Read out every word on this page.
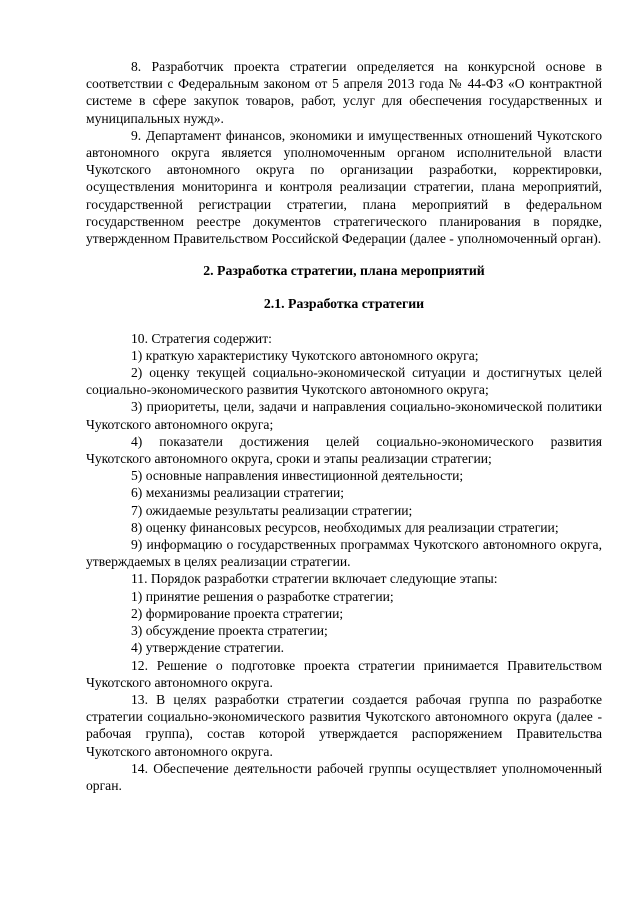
8. Разработчик проекта стратегии определяется на конкурсной основе в соответствии с Федеральным законом от 5 апреля 2013 года № 44-ФЗ «О контрактной системе в сфере закупок товаров, работ, услуг для обеспечения государственных и муниципальных нужд».

9. Департамент финансов, экономики и имущественных отношений Чукотского автономного округа является уполномоченным органом исполнительной власти Чукотского автономного округа по организации разработки, корректировки, осуществления мониторинга и контроля реализации стратегии, плана мероприятий, государственной регистрации стратегии, плана мероприятий в федеральном государственном реестре документов стратегического планирования в порядке, утвержденном Правительством Российской Федерации (далее - уполномоченный орган).

2. Разработка стратегии, плана мероприятий

2.1. Разработка стратегии

10. Стратегия содержит:

1) краткую характеристику Чукотского автономного округа;

2) оценку текущей социально-экономической ситуации и достигнутых целей социально-экономического развития Чукотского автономного округа;

3) приоритеты, цели, задачи и направления социально-экономической политики Чукотского автономного округа;

4) показатели достижения целей социально-экономического развития Чукотского автономного округа, сроки и этапы реализации стратегии;

5) основные направления инвестиционной деятельности;

6) механизмы реализации стратегии;

7) ожидаемые результаты реализации стратегии;

8) оценку финансовых ресурсов, необходимых для реализации стратегии;

9) информацию о государственных программах Чукотского автономного округа, утверждаемых в целях реализации стратегии.

11. Порядок разработки стратегии включает следующие этапы:

1) принятие решения о разработке стратегии;

2) формирование проекта стратегии;

3) обсуждение проекта стратегии;

4) утверждение стратегии.

12. Решение о подготовке проекта стратегии принимается Правительством Чукотского автономного округа.

13. В целях разработки стратегии создается рабочая группа по разработке стратегии социально-экономического развития Чукотского автономного округа (далее - рабочая группа), состав которой утверждается распоряжением Правительства Чукотского автономного округа.

14. Обеспечение деятельности рабочей группы осуществляет уполномоченный орган.
